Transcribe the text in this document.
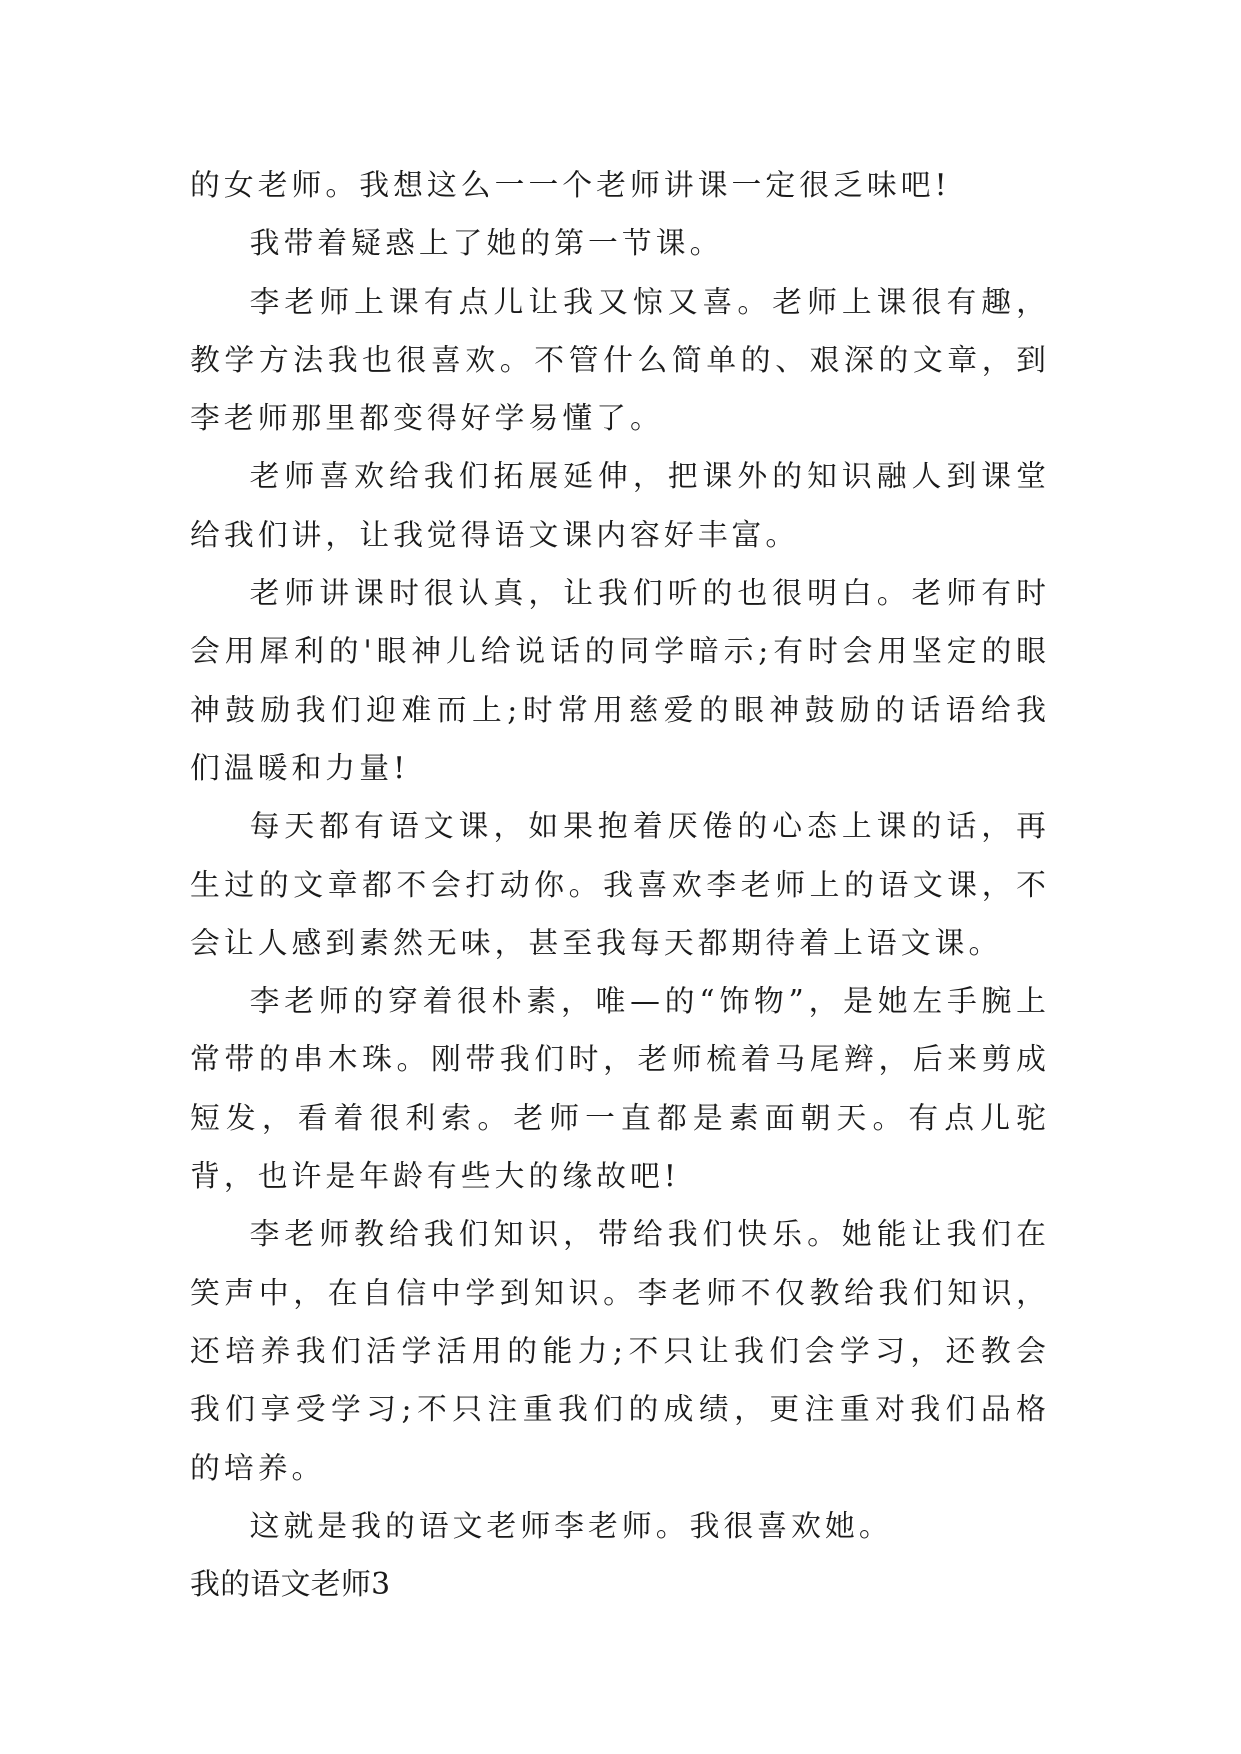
的女老师。我想这么一一个老师讲课一定很乏味吧!

我带着疑惑上了她的第一节课。

李老师上课有点儿让我又惊又喜。老师上课很有趣，教学方法我也很喜欢。不管什么简单的、艰深的文章，到李老师那里都变得好学易懂了。

老师喜欢给我们拓展延伸，把课外的知识融人到课堂给我们讲，让我觉得语文课内容好丰富。

老师讲课时很认真，让我们听的也很明白。老师有时会用犀利的'眼神儿给说话的同学暗示;有时会用坚定的眼神鼓励我们迎难而上;时常用慈爱的眼神鼓励的话语给我们温暖和力量!

每天都有语文课，如果抱着厌倦的心态上课的话，再生过的文章都不会打动你。我喜欢李老师上的语文课，不会让人感到素然无味，甚至我每天都期待着上语文课。

李老师的穿着很朴素，唯—的“饰物”，是她左手腕上常带的串木珠。刚带我们时，老师梳着马尾辫，后来剪成短发，看着很利索。老师一直都是素面朝天。有点儿驼背，也许是年龄有些大的缘故吧!

李老师教给我们知识，带给我们快乐。她能让我们在笑声中，在自信中学到知识。李老师不仅教给我们知识，还培养我们活学活用的能力;不只让我们会学习，还教会我们享受学习;不只注重我们的成绩，更注重对我们品格的培养。

这就是我的语文老师李老师。我很喜欢她。

我的语文老师3
